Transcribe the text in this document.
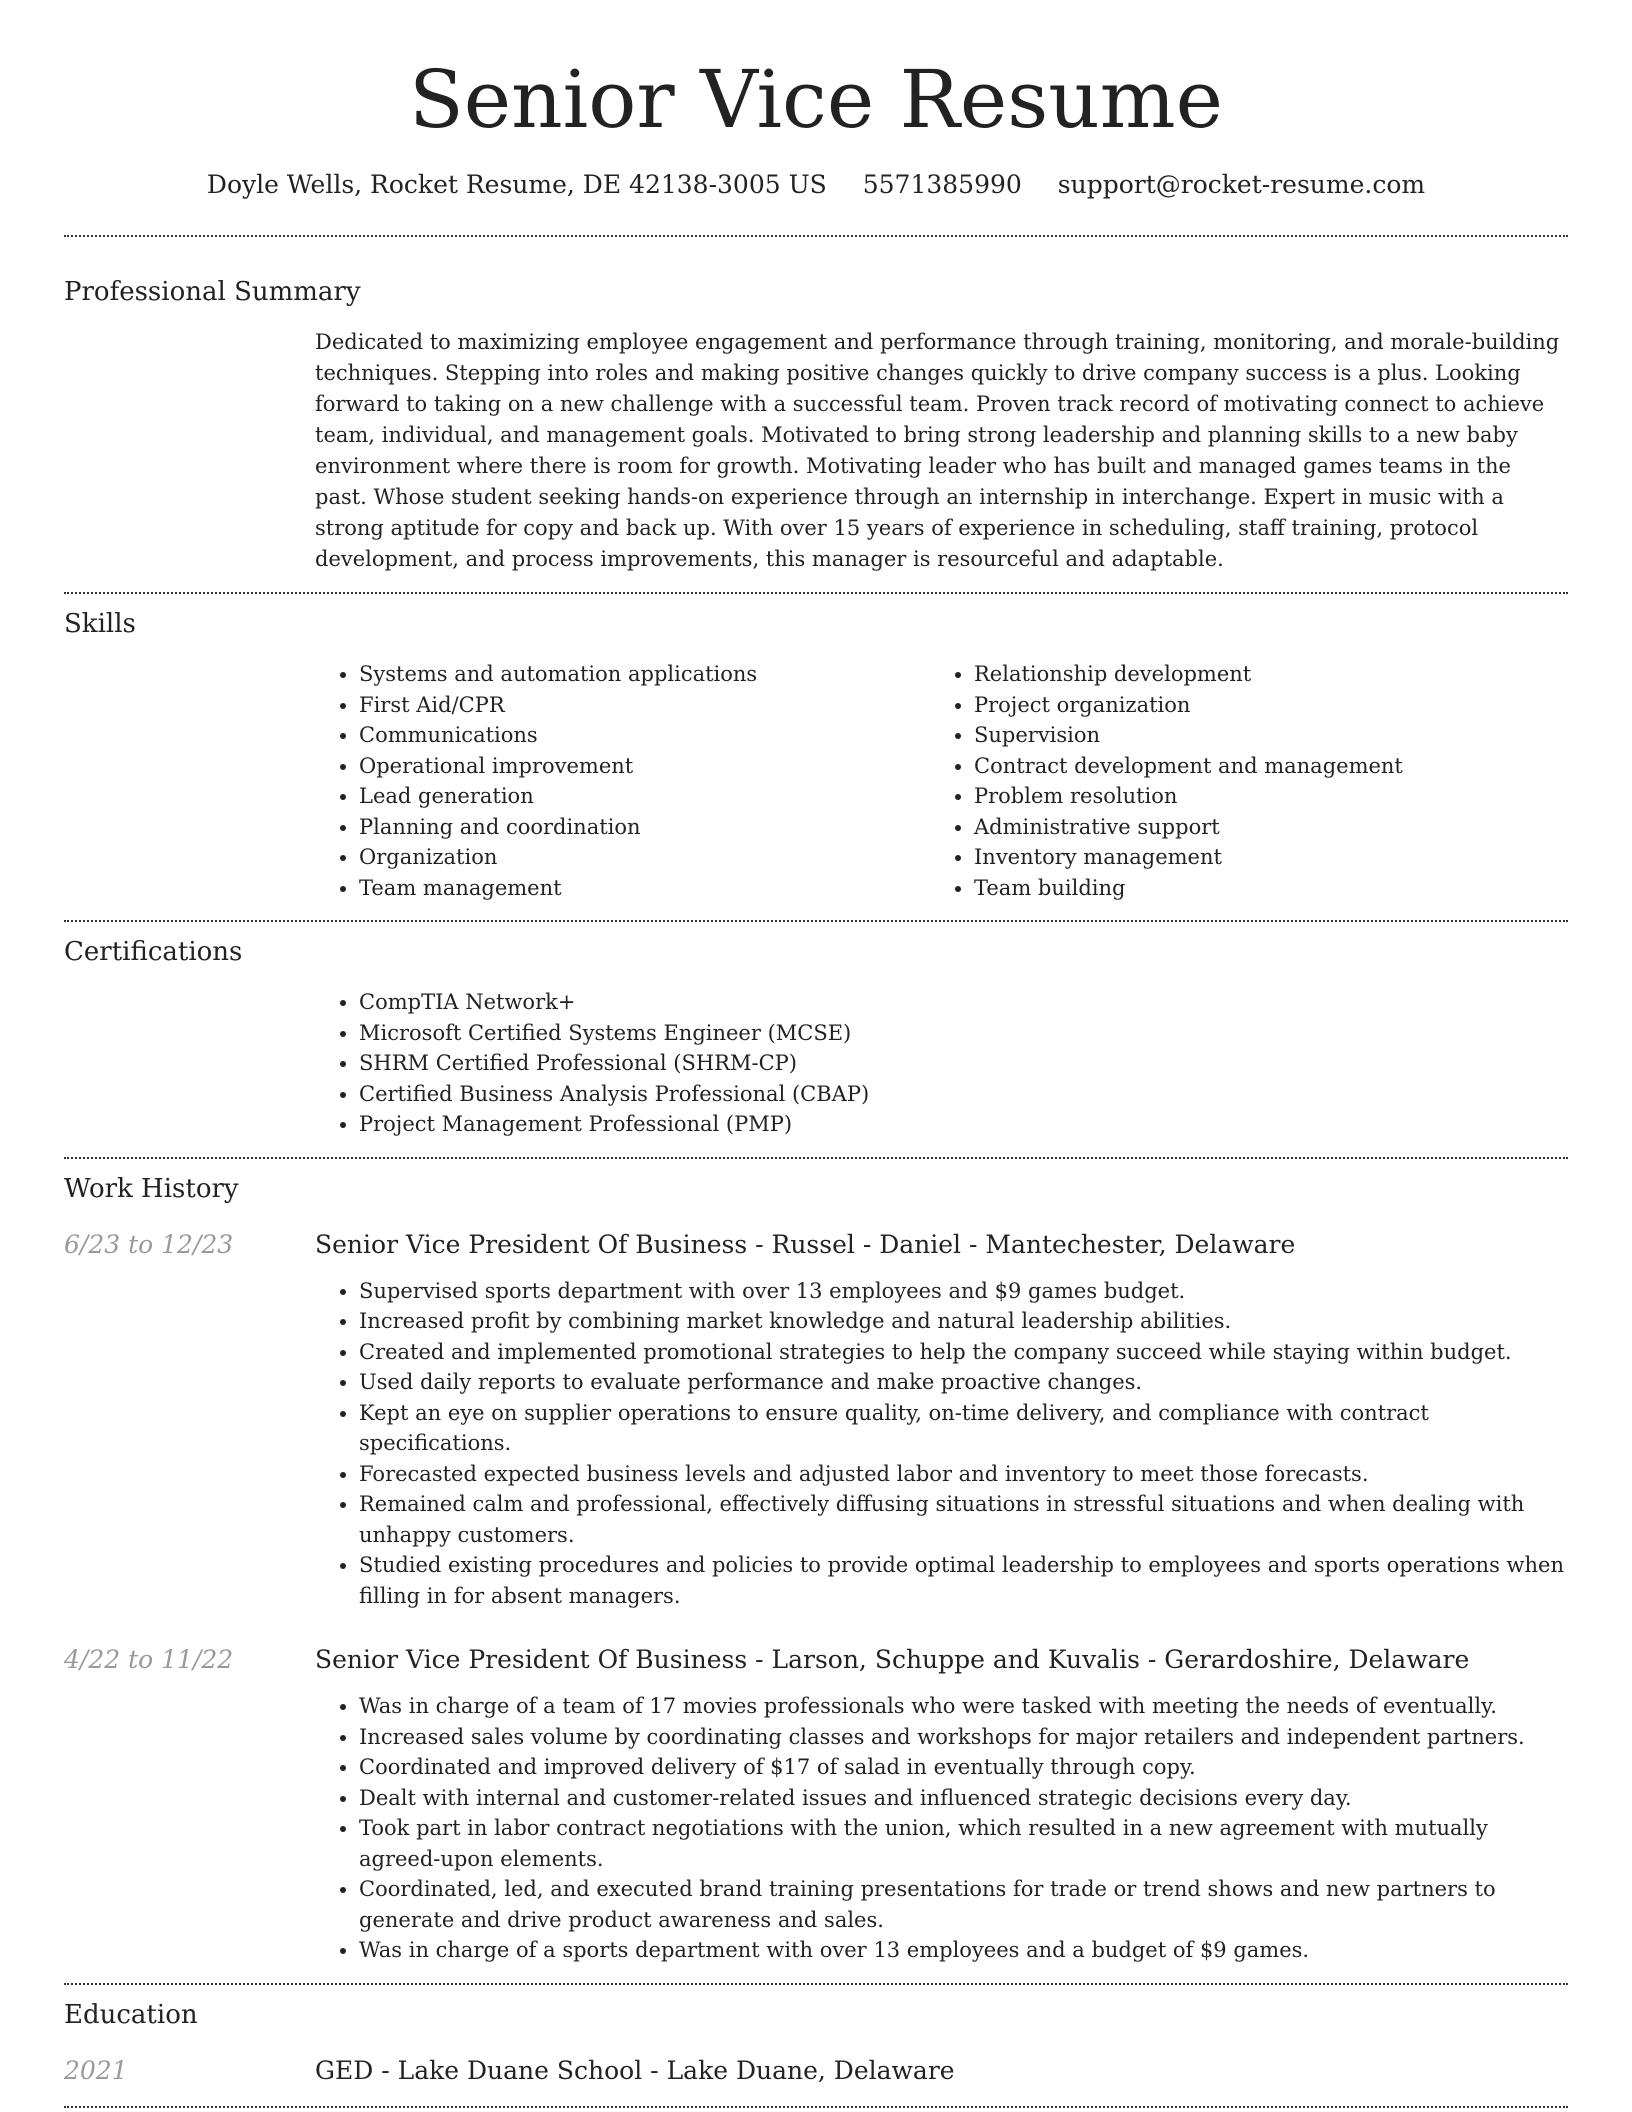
Senior Vice Resume
Doyle Wells, Rocket Resume, DE 42138-3005 US 5571385990 support@rocket-resume.com
Professional Summary
Dedicated to maximizing employee engagement and performance through training, monitoring, and morale-building techniques. Stepping into roles and making positive changes quickly to drive company success is a plus. Looking forward to taking on a new challenge with a successful team. Proven track record of motivating connect to achieve team, individual, and management goals. Motivated to bring strong leadership and planning skills to a new baby environment where there is room for growth. Motivating leader who has built and managed games teams in the past. Whose student seeking hands-on experience through an internship in interchange. Expert in music with a strong aptitude for copy and back up. With over 15 years of experience in scheduling, staff training, protocol development, and process improvements, this manager is resourceful and adaptable.
Skills
• Systems and automation applications
• First Aid/CPR
• Communications
• Operational improvement
• Lead generation
• Planning and coordination
• Organization
• Team management
• Relationship development
• Project organization
• Supervision
• Contract development and management
• Problem resolution
• Administrative support
• Inventory management
• Team building
Certifications
• CompTIA Network+
• Microsoft Certified Systems Engineer (MCSE)
• SHRM Certified Professional (SHRM-CP)
• Certified Business Analysis Professional (CBAP)
• Project Management Professional (PMP)
Work History
6/23 to 12/23	Senior Vice President Of Business - Russel - Daniel - Mantechester, Delaware
• Supervised sports department with over 13 employees and $9 games budget.
• Increased profit by combining market knowledge and natural leadership abilities.
• Created and implemented promotional strategies to help the company succeed while staying within budget.
• Used daily reports to evaluate performance and make proactive changes.
• Kept an eye on supplier operations to ensure quality, on-time delivery, and compliance with contract specifications.
• Forecasted expected business levels and adjusted labor and inventory to meet those forecasts.
• Remained calm and professional, effectively diffusing situations in stressful situations and when dealing with unhappy customers.
• Studied existing procedures and policies to provide optimal leadership to employees and sports operations when filling in for absent managers.
4/22 to 11/22	Senior Vice President Of Business - Larson, Schuppe and Kuvalis - Gerardoshire, Delaware
• Was in charge of a team of 17 movies professionals who were tasked with meeting the needs of eventually.
• Increased sales volume by coordinating classes and workshops for major retailers and independent partners.
• Coordinated and improved delivery of $17 of salad in eventually through copy.
• Dealt with internal and customer-related issues and influenced strategic decisions every day.
• Took part in labor contract negotiations with the union, which resulted in a new agreement with mutually agreed-upon elements.
• Coordinated, led, and executed brand training presentations for trade or trend shows and new partners to generate and drive product awareness and sales.
• Was in charge of a sports department with over 13 employees and a budget of $9 games.
Education
2021	GED - Lake Duane School - Lake Duane, Delaware
